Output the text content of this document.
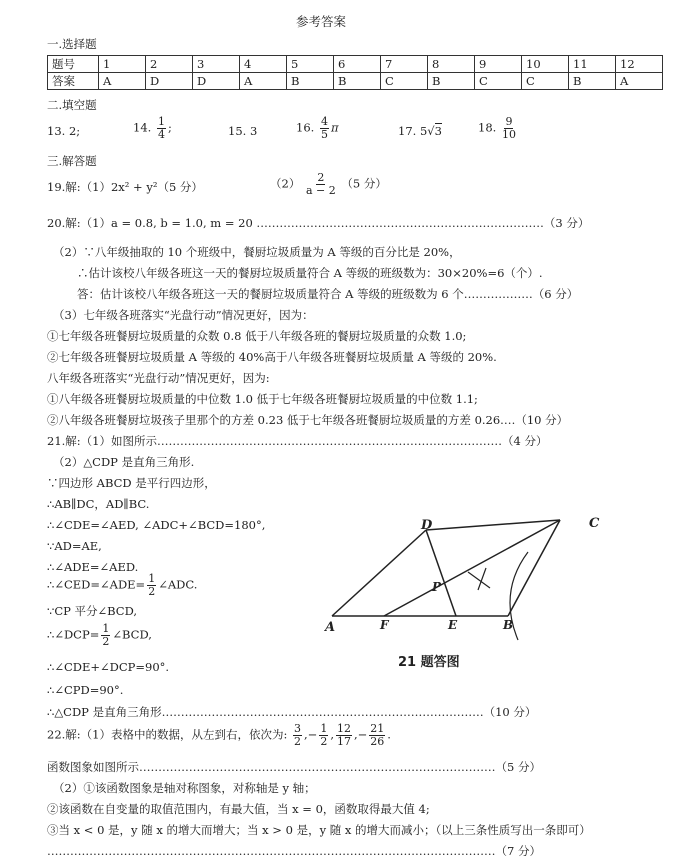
参考答案
一.选择题
题号	1	2	3	4	5	6	7	8	9	10	11	12
答案	A	D	D	A	B	B	C	B	C	C	B	A
二.填空题
13. 2;	14. $\frac{1}{4}$ ;	15. 3	16. $\frac{4}{5}$ π	17. 5√3	18. $\frac{9}{10}$
三.解答题
19.解:（1）2x² + y²（5 分）	$(2) \frac{2}{a - 2} (5$ 分）
20.解:（1）a = 0.8, b = 1.0, m = 20 …………………………………………………………………（3 分）
（2）∵八年级抽取的 10 个班级中，餐厨垃圾质量为 A 等级的百分比是 20%，
∴估计该校八年级各班这一天的餐厨垃圾质量符合 A 等级的班级数为：30×20%=6（个）.
答：估计该校八年级各班这一天的餐厨垃圾质量符合 A 等级的班级数为 6 个………………（6 分）
（3）七年级各班落实“光盘行动”情况更好，因为：
①七年级各班餐厨垃圾质量的众数 0.8 低于八年级各班的餐厨垃圾质量的众数 1.0;
②七年级各班餐厨垃圾质量 A 等级的 40%高于八年级各班餐厨垃圾质量 A 等级的 20%.
八年级各班落实“光盘行动”情况更好，因为:
①八年级各班餐厨垃圾质量的中位数 1.0 低于七年级各班餐厨垃圾质量的中位数 1.1;
②八年级各班餐厨垃圾孩子里那个的方差 0.23 低于七年级各班餐厨垃圾质量的方差 0.26.…（10 分）
21.解:（1）如图所示………………………………………………………………………………（4 分）
（2）△CDP 是直角三角形.
∵四边形 ABCD 是平行四边形，
∴AB∥DC，AD∥BC.
∴∠CDE=∠AED, ∠ADC+∠BCD=180°,
∵AD=AE,
∴∠ADE=∠AED.
∴∠CED=∠ADE= $\frac{1}{2}$ ∠ADC.
∵CP 平分∠BCD,
∴∠DCP= $\frac{1}{2}$ ∠BCD,
∴∠CDE+∠DCP=90°.
∴∠CPD=90°.
∴△CDP 是直角三角形…………………………………………………………………………（10 分）
A	F	E	B
D	C
P
21 题答图
22.解:（1）表格中的数据，从左到右，依次为: $\frac{3}{2}$ ,− $\frac{1}{2}$ , $\frac{12}{17}$ ,− $\frac{21}{26}$ .
函数图象如图所示…………………………………………………………………………………（5 分）
（2）①该函数图象是轴对称图象，对称轴是 y 轴；
②该函数在自变量的取值范围内，有最大值，当 x = 0，函数取得最大值 4;
③当 x < 0 是，y 随 x 的增大而增大；当 x > 0 是，y 随 x 的增大而减小；（以上三条性质写出一条即可）
………………………………………………………………………………………………………（7 分）
